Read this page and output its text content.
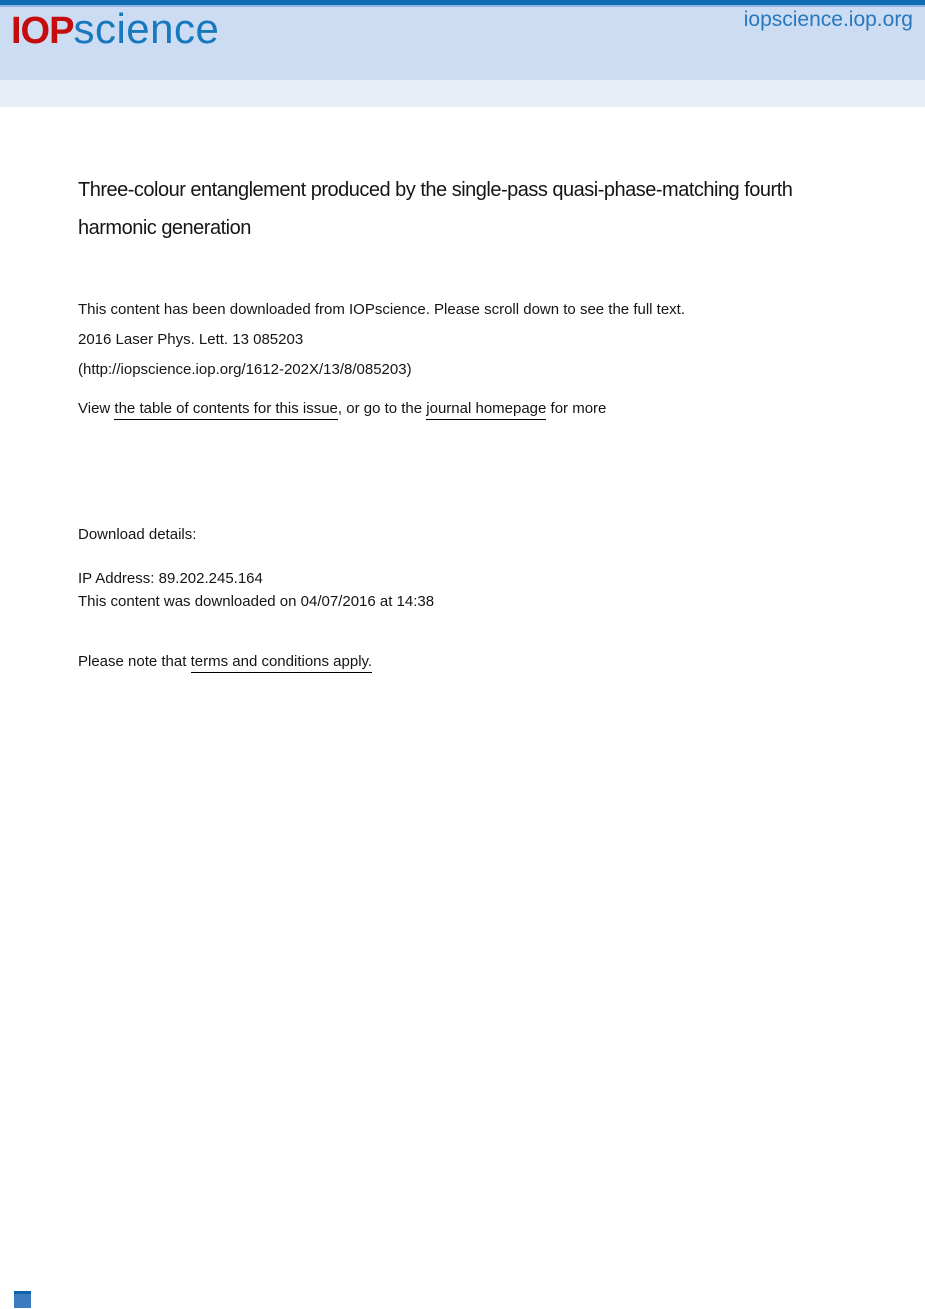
IOP science	iopscience.iop.org
Three-colour entanglement produced by the single-pass quasi-phase-matching fourth harmonic generation
This content has been downloaded from IOPscience. Please scroll down to see the full text.
2016 Laser Phys. Lett. 13 085203
(http://iopscience.iop.org/1612-202X/13/8/085203)
View the table of contents for this issue, or go to the journal homepage for more
Download details:
IP Address: 89.202.245.164
This content was downloaded on 04/07/2016 at 14:38
Please note that terms and conditions apply.
